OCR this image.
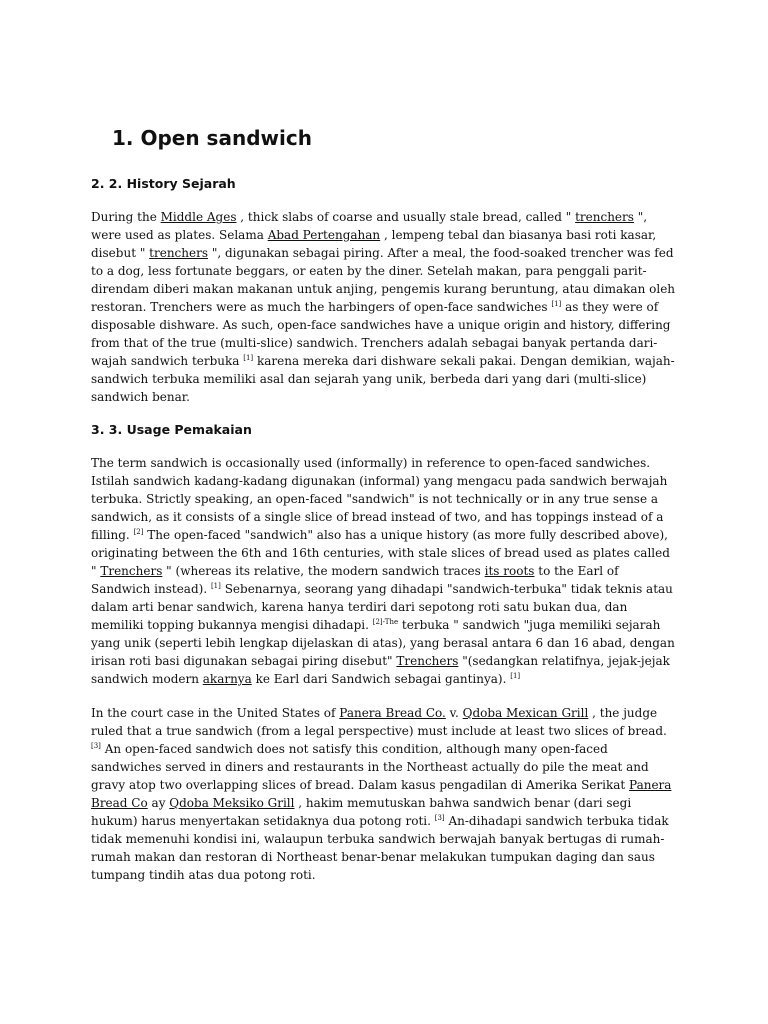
1. Open sandwich
2. 2. History Sejarah

During the Middle Ages , thick slabs of coarse and usually stale bread, called " trenchers ", were used as plates. Selama Abad Pertengahan , lempeng tebal dan biasanya basi roti kasar, disebut " trenchers ", digunakan sebagai piring. After a meal, the food-soaked trencher was fed to a dog, less fortunate beggars, or eaten by the diner. Setelah makan, para penggali parit-direndam diberi makan makanan untuk anjing, pengemis kurang beruntung, atau dimakan oleh restoran. Trenchers were as much the harbingers of open-face sandwiches [1] as they were of disposable dishware. As such, open-face sandwiches have a unique origin and history, differing from that of the true (multi-slice) sandwich. Trenchers adalah sebagai banyak pertanda dari-wajah sandwich terbuka [1] karena mereka dari dishware sekali pakai. Dengan demikian, wajah-sandwich terbuka memiliki asal dan sejarah yang unik, berbeda dari yang dari (multi-slice) sandwich benar.

3. 3. Usage Pemakaian

The term sandwich is occasionally used (informally) in reference to open-faced sandwiches. Istilah sandwich kadang-kadang digunakan (informal) yang mengacu pada sandwich berwajah terbuka. Strictly speaking, an open-faced "sandwich" is not technically or in any true sense a sandwich, as it consists of a single slice of bread instead of two, and has toppings instead of a filling. [2] The open-faced "sandwich" also has a unique history (as more fully described above), originating between the 6th and 16th centuries, with stale slices of bread used as plates called " Trenchers " (whereas its relative, the modern sandwich traces its roots to the Earl of Sandwich instead). [1] Sebenarnya, seorang yang dihadapi "sandwich-terbuka" tidak teknis atau dalam arti benar sandwich, karena hanya terdiri dari sepotong roti satu bukan dua, dan memiliki topping bukannya mengisi dihadapi. $^{[2]-The}$ terbuka " sandwich "juga memiliki sejarah yang unik (seperti lebih lengkap dijelaskan di atas), yang berasal antara 6 dan 16 abad, dengan irisan roti basi digunakan sebagai piring disebut" Trenchers "(sedangkan relatifnya, jejak-jejak sandwich modern akarnya ke Earl dari Sandwich sebagai gantinya). [1]

In the court case in the United States of Panera Bread Co. v. Qdoba Mexican Grill , the judge ruled that a true sandwich (from a legal perspective) must include at least two slices of bread. [3] An open-faced sandwich does not satisfy this condition, although many open-faced sandwiches served in diners and restaurants in the Northeast actually do pile the meat and gravy atop two overlapping slices of bread. Dalam kasus pengadilan di Amerika Serikat Panera Bread Co ay Qdoba Meksiko Grill , hakim memutuskan bahwa sandwich benar (dari segi hukum) harus menyertakan setidaknya dua potong roti. [3] An-dihadapi sandwich terbuka tidak tidak memenuhi kondisi ini, walaupun terbuka sandwich berwajah banyak bertugas di rumah-rumah makan dan restoran di Northeast benar-benar melakukan tumpukan daging dan saus tumpang tindih atas dua potong roti.
